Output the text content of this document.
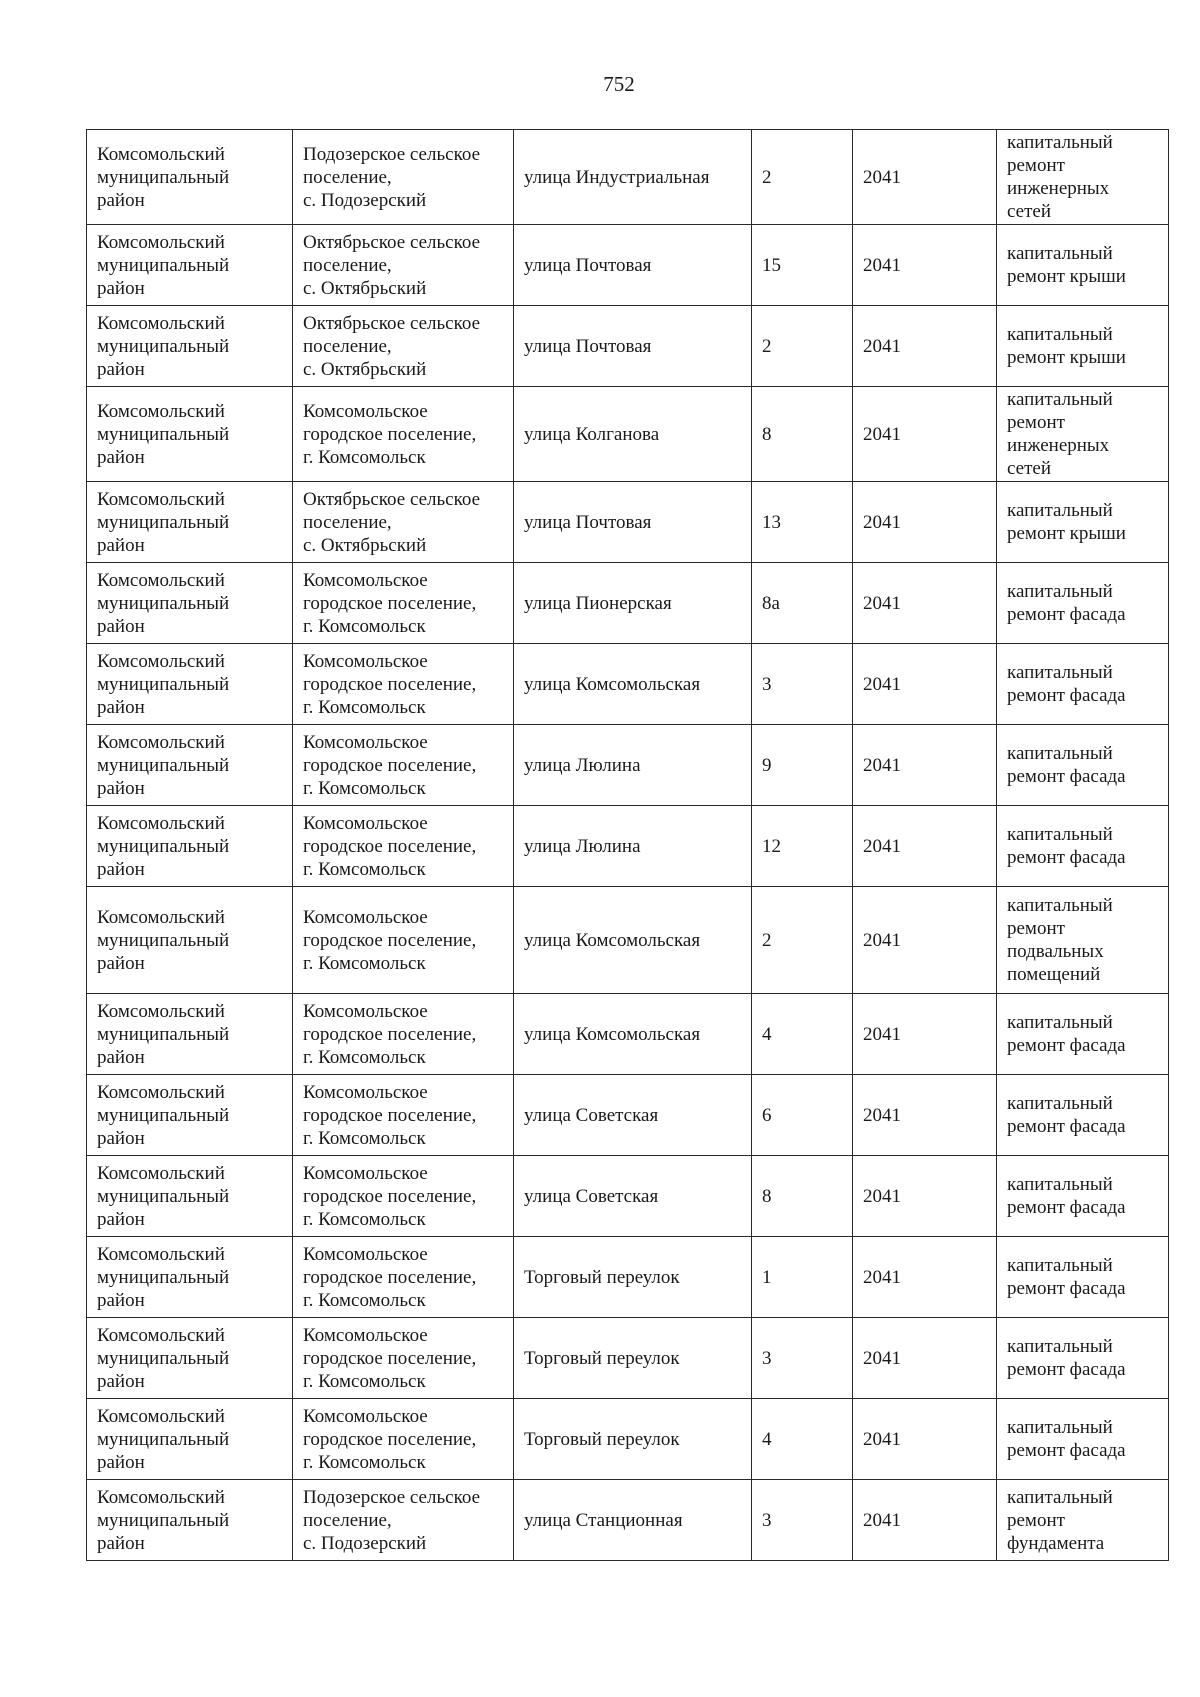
752
Комсомольский
муниципальный
район	Подозерское сельское
поселение,
с. Подозерский	улица Индустриальная	2	2041	капитальный
ремонт
инженерных
сетей

Комсомольский
муниципальный
район	Октябрьское сельское
поселение,
с. Октябрьский	улица Почтовая	15	2041	капитальный
ремонт крыши

Комсомольский
муниципальный
район	Октябрьское сельское
поселение,
с. Октябрьский	улица Почтовая	2	2041	капитальный
ремонт крыши

Комсомольский
муниципальный
район	Комсомольское
городское поселение,
г. Комсомольск	улица Колганова	8	2041	капитальный
ремонт
инженерных
сетей

Комсомольский
муниципальный
район	Октябрьское сельское
поселение,
с. Октябрьский	улица Почтовая	13	2041	капитальный
ремонт крыши

Комсомольский
муниципальный
район	Комсомольское
городское поселение,
г. Комсомольск	улица Пионерская	8а	2041	капитальный
ремонт фасада

Комсомольский
муниципальный
район	Комсомольское
городское поселение,
г. Комсомольск	улица Комсомольская	3	2041	капитальный
ремонт фасада

Комсомольский
муниципальный
район	Комсомольское
городское поселение,
г. Комсомольск	улица Люлина	9	2041	капитальный
ремонт фасада

Комсомольский
муниципальный
район	Комсомольское
городское поселение,
г. Комсомольск	улица Люлина	12	2041	капитальный
ремонт фасада

Комсомольский
муниципальный
район	Комсомольское
городское поселение,
г. Комсомольск	улица Комсомольская	2	2041	капитальный
ремонт
подвальных
помещений

Комсомольский
муниципальный
район	Комсомольское
городское поселение,
г. Комсомольск	улица Комсомольская	4	2041	капитальный
ремонт фасада

Комсомольский
муниципальный
район	Комсомольское
городское поселение,
г. Комсомольск	улица Советская	6	2041	капитальный
ремонт фасада

Комсомольский
муниципальный
район	Комсомольское
городское поселение,
г. Комсомольск	улица Советская	8	2041	капитальный
ремонт фасада

Комсомольский
муниципальный
район	Комсомольское
городское поселение,
г. Комсомольск	Торговый переулок	1	2041	капитальный
ремонт фасада

Комсомольский
муниципальный
район	Комсомольское
городское поселение,
г. Комсомольск	Торговый переулок	3	2041	капитальный
ремонт фасада

Комсомольский
муниципальный
район	Комсомольское
городское поселение,
г. Комсомольск	Торговый переулок	4	2041	капитальный
ремонт фасада

Комсомольский
муниципальный
район	Подозерское сельское
поселение,
с. Подозерский	улица Станционная	3	2041	капитальный
ремонт
фундамента
